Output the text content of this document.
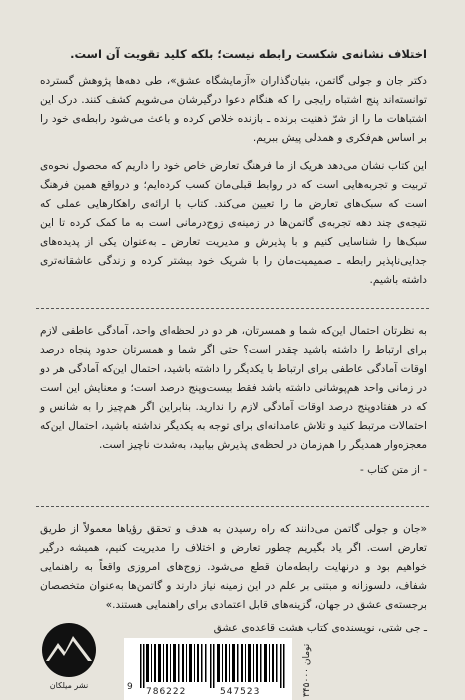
اختلاف نشانه‌ی شکست رابطه نیست؛ بلکه کلید تقویت آن است.

دکتر جان و جولی گاتمن، بنیان‌گذاران «آزمایشگاه عشق»، طی دهه‌ها پژوهش گسترده توانسته‌اند پنج اشتباه رایجی را که هنگام دعوا درگیرشان می‌شویم کشف کنند. درک این اشتباهات ما را از شرّ ذهنیت برنده ـ بازنده خلاص کرده و باعث می‌شود رابطه‌ی خود را بر اساس هم‌فکری و همدلی پیش ببریم.

این کتاب نشان می‌دهد هریک از ما فرهنگ تعارض خاص خود را داریم که محصول نحوه‌ی تربیت و تجربه‌هایی است که در روابط قبلی‌مان کسب کرده‌ایم؛ و درواقع همین فرهنگ است که سبک‌های تعارض ما را تعیین می‌کند. کتاب با ارائه‌ی راهکارهایی عملی که نتیجه‌ی چند دهه تجربه‌ی گاتمن‌ها در زمینه‌ی زوج‌درمانی است به ما کمک کرده تا این سبک‌ها را شناسایی کنیم و با پذیرش و مدیریت تعارض ـ به‌عنوان یکی از پدیده‌های جدایی‌ناپذیر رابطه ـ صمیمیت‌مان را با شریک خود بیشتر کرده و زندگی عاشقانه‌تری داشته باشیم.

به نظرتان احتمال این‌که شما و همسرتان، هر دو در لحظه‌ای واحد، آمادگی عاطفی لازم برای ارتباط را داشته باشید چقدر است؟ حتی اگر شما و همسرتان حدود پنجاه درصد اوقات آمادگی عاطفی برای ارتباط با یکدیگر را داشته باشید، احتمال این‌که آمادگی هر دو در زمانی واحد هم‌پوشانی داشته باشد فقط بیست‌وپنج درصد است؛ و معنایش این است که در هفتادوپنج درصد اوقات آمادگی لازم را ندارید. بنابراین اگر هم‌چیز را به شانس و احتمالات مرتبط کنید و تلاش عامدانه‌ای برای توجه به یکدیگر نداشته باشید، احتمال این‌که معجزه‌وار همدیگر را هم‌زمان در لحظه‌ی پذیرش بیابید، به‌شدت ناچیز است.

- از متن کتاب -

«جان و جولی گاتمن می‌دانند که راه رسیدن به هدف و تحقق رؤیاها معمولاً از طریق تعارض است. اگر یاد بگیریم چطور تعارض و اختلاف را مدیریت کنیم، همیشه درگیر خواهیم بود و درنهایت رابطه‌مان قطع می‌شود. زوج‌های امروزی واقعاً به راهنمایی شفاف، دلسوزانه و مبتنی بر علم در این زمینه نیاز دارند و گاتمن‌ها به‌عنوان متخصصان برجسته‌ی عشق در جهان، گزینه‌های قابل اعتمادی برای راهنمایی هستند.»

ـ جی شتی، نویسنده‌ی کتاب هشت قاعده‌ی عشق

نشر میلکان	9 786222	547523	۳۴۵۰۰۰ تومان
